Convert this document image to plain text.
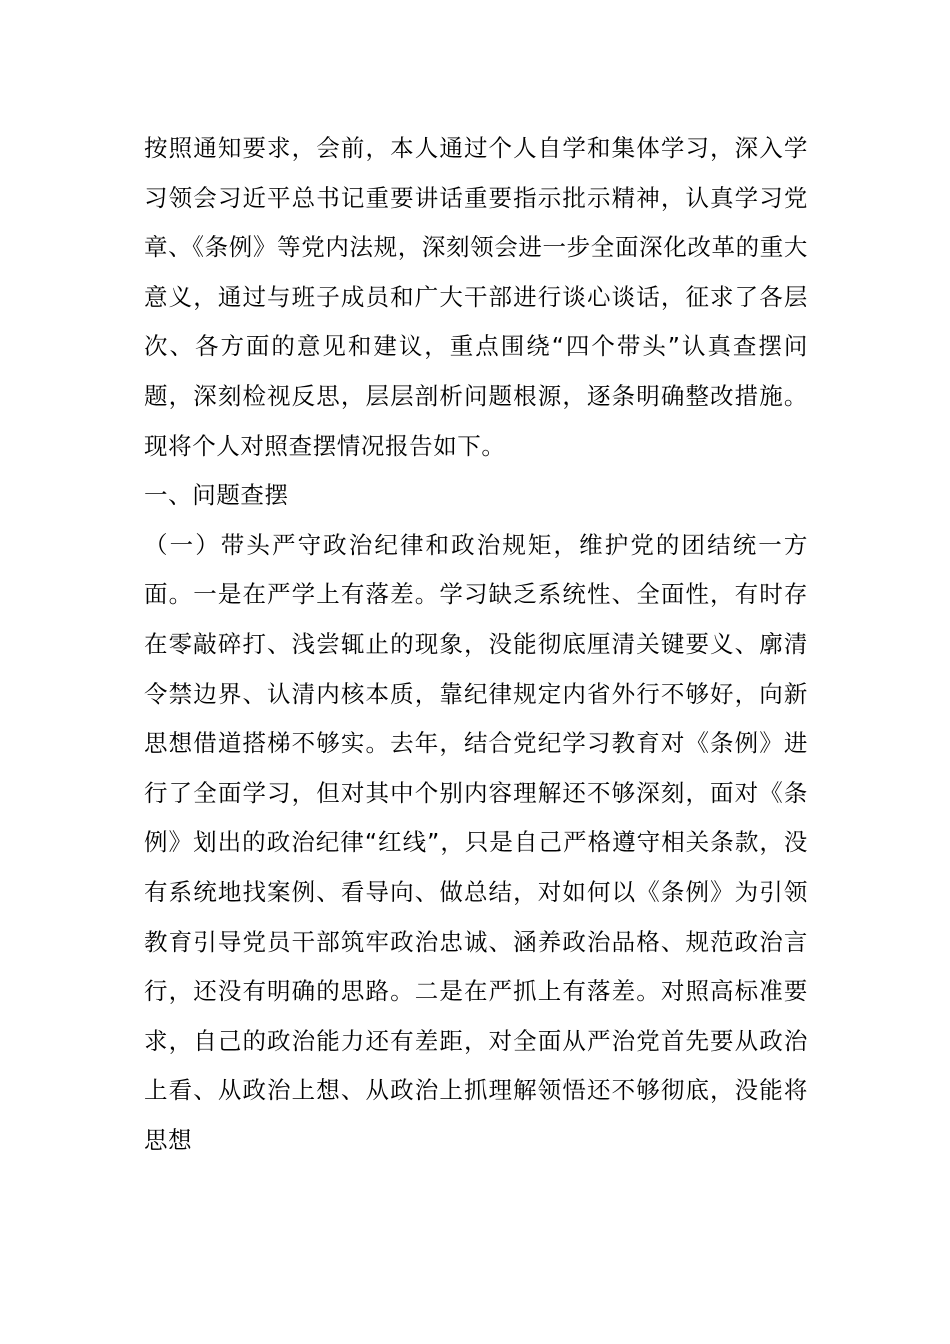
按照通知要求，会前，本人通过个人自学和集体学习，深入学习领会习近平总书记重要讲话重要指示批示精神，认真学习党章、《条例》等党内法规，深刻领会进一步全面深化改革的重大意义，通过与班子成员和广大干部进行谈心谈话，征求了各层次、各方面的意见和建议，重点围绕“四个带头”认真查摆问题，深刻检视反思，层层剖析问题根源，逐条明确整改措施。现将个人对照查摆情况报告如下。

一、问题查摆

（一）带头严守政治纪律和政治规矩，维护党的团结统一方面。一是在严学上有落差。学习缺乏系统性、全面性，有时存在零敲碎打、浅尝辄止的现象，没能彻底厘清关键要义、廓清令禁边界、认清内核本质，靠纪律规定内省外行不够好，向新思想借道搭梯不够实。去年，结合党纪学习教育对《条例》进行了全面学习，但对其中个别内容理解还不够深刻，面对《条例》划出的政治纪律“红线”，只是自己严格遵守相关条款，没有系统地找案例、看导向、做总结，对如何以《条例》为引领教育引导党员干部筑牢政治忠诚、涵养政治品格、规范政治言行，还没有明确的思路。二是在严抓上有落差。对照高标准要求，自己的政治能力还有差距，对全面从严治党首先要从政治上看、从政治上想、从政治上抓理解领悟还不够彻底，没能将思想
